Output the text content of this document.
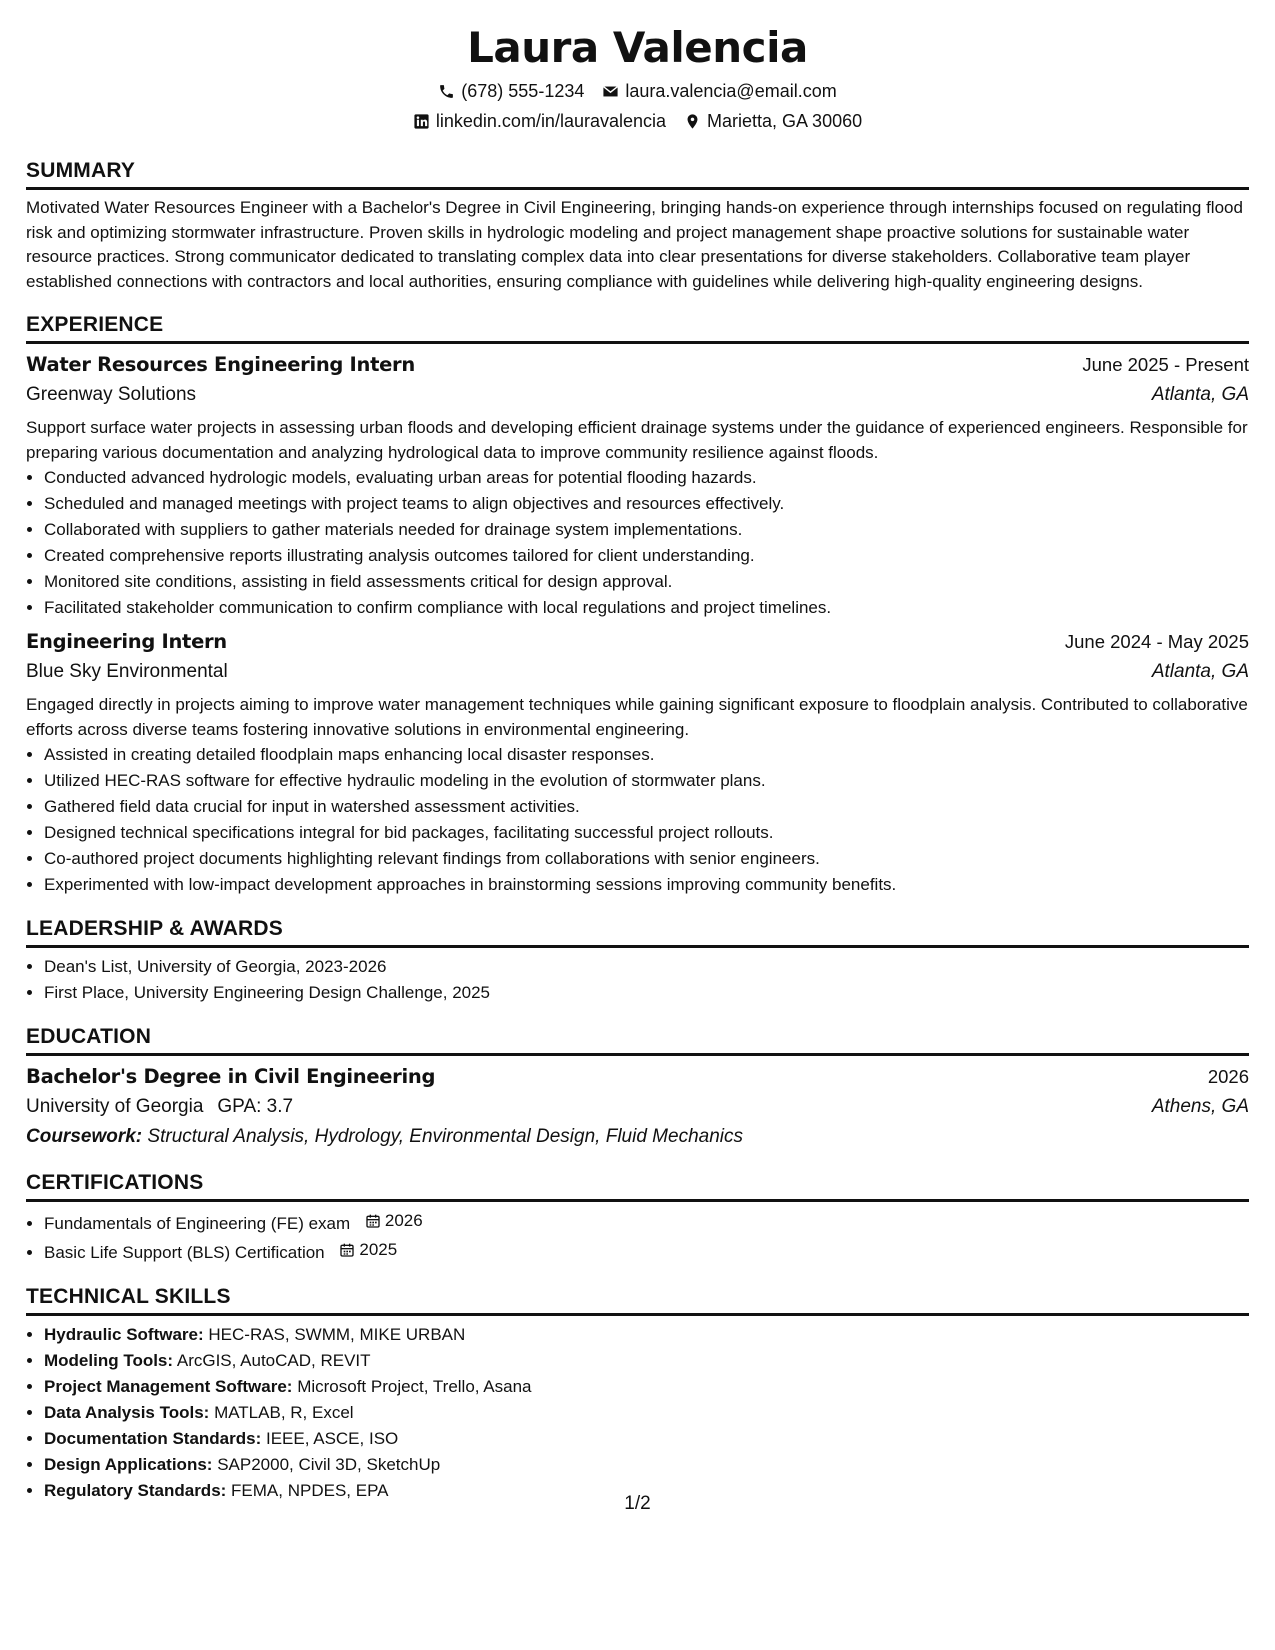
Laura Valencia
(678) 555-1234 laura.valencia@email.com
linkedin.com/in/lauravalencia Marietta, GA 30060
SUMMARY

Motivated Water Resources Engineer with a Bachelor's Degree in Civil Engineering, bringing hands-on experience through internships focused on regulating flood risk and optimizing stormwater infrastructure. Proven skills in hydrologic modeling and project management shape proactive solutions for sustainable water resource practices. Strong communicator dedicated to translating complex data into clear presentations for diverse stakeholders. Collaborative team player established connections with contractors and local authorities, ensuring compliance with guidelines while delivering high-quality engineering designs.

EXPERIENCE
Water Resources Engineering Intern	June 2025 - Present
Greenway Solutions	Atlanta, GA

Support surface water projects in assessing urban floods and developing efficient drainage systems under the guidance of experienced engineers. Responsible for preparing various documentation and analyzing hydrological data to improve community resilience against floods.

• Conducted advanced hydrologic models, evaluating urban areas for potential flooding hazards.
• Scheduled and managed meetings with project teams to align objectives and resources effectively.
• Collaborated with suppliers to gather materials needed for drainage system implementations.
• Created comprehensive reports illustrating analysis outcomes tailored for client understanding.
• Monitored site conditions, assisting in field assessments critical for design approval.
• Facilitated stakeholder communication to confirm compliance with local regulations and project timelines.
Engineering Intern	June 2024 - May 2025
Blue Sky Environmental	Atlanta, GA

Engaged directly in projects aiming to improve water management techniques while gaining significant exposure to floodplain analysis. Contributed to collaborative efforts across diverse teams fostering innovative solutions in environmental engineering.

• Assisted in creating detailed floodplain maps enhancing local disaster responses.
• Utilized HEC-RAS software for effective hydraulic modeling in the evolution of stormwater plans.
• Gathered field data crucial for input in watershed assessment activities.
• Designed technical specifications integral for bid packages, facilitating successful project rollouts.
• Co-authored project documents highlighting relevant findings from collaborations with senior engineers.
• Experimented with low-impact development approaches in brainstorming sessions improving community benefits.
LEADERSHIP & AWARDS
• Dean's List, University of Georgia, 2023-2026
• First Place, University Engineering Design Challenge, 2025
EDUCATION
Bachelor's Degree in Civil Engineering	2026
University of Georgia GPA: 3.7	Athens, GA
Coursework: Structural Analysis, Hydrology, Environmental Design, Fluid Mechanics
CERTIFICATIONS
• Fundamentals of Engineering (FE) exam 2026
• Basic Life Support (BLS) Certification 2025
TECHNICAL SKILLS
• Hydraulic Software: HEC-RAS, SWMM, MIKE URBAN
• Modeling Tools: ArcGIS, AutoCAD, REVIT
• Project Management Software: Microsoft Project, Trello, Asana
• Data Analysis Tools: MATLAB, R, Excel
• Documentation Standards: IEEE, ASCE, ISO
• Design Applications: SAP2000, Civil 3D, SketchUp
• Regulatory Standards: FEMA, NPDES, EPA
1/2
